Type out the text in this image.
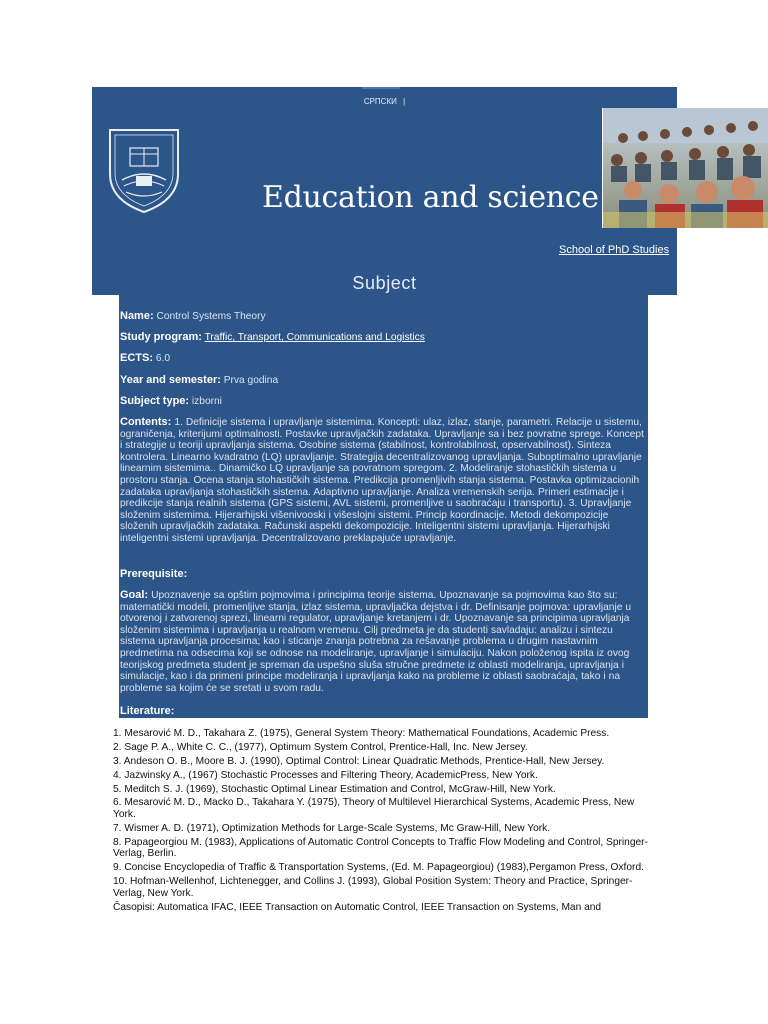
СРПСКИ |
Education and science
School of PhD Studies
Subject
Name: Control Systems Theory
Study program: Traffic, Transport, Communications and Logistics
ECTS: 6.0
Year and semester: Prva godina
Subject type: izborni
Contents: 1. Definicije sistema i upravljanje sistemima. Koncepti: ulaz, izlaz, stanje, parametri. Relacije u sistemu, ograničenja, kriterijumi optimalnosti. Postavke upravljačkih zadataka. Upravljanje sa i bez povratne sprege. Koncept i strategije u teoriji upravljanja sistema. Osobine sistema (stabilnost, kontrolabilnost, opservabilnost). Sinteza kontrolera. Linearno kvadratno (LQ) upravljanje. Strategija decentralizovanog upravljanja. Suboptimalno upravljanje linearnim sistemima.. Dinamičko LQ upravljanje sa povratnom spregom. 2. Modeliranje stohastičkih sistema u prostoru stanja. Ocena stanja stohastičkih sistema. Predikcija promenljivih stanja sistema. Postavka optimizacionih zadataka upravljanja stohastičkih sistema. Adaptivno upravljanje. Analiza vremenskih serija. Primeri estimacije i predikcije stanja realnih sistema (GPS sistemi, AVL sistemi, promenljive u saobraćaju i transportu). 3. Upravljanje složenim sistemima. Hijerarhijski višenivooski i višeslojni sistemi. Princip koordinacije. Metodi dekompozicije složenih upravljačkih zadataka. Računski aspekti dekompozicije. Inteligentni sistemi upravljanja. Hijerarhijski inteligentni sistemi upravljanja. Decentralizovano preklapajuće upravljanje.
Prerequisite:
Goal: Upoznavenje sa opštim pojmovima i principima teorije sistema. Upoznavanje sa pojmovima kao što su: matematički modeli, promenljive stanja, izlaz sistema, upravljačka dejstva i dr. Definisanje pojmova: upravljanje u otvorenoj i zatvorenoj sprezi, linearni regulator, upravljanje kretanjem i dr. Upoznavanje sa principima upravljanja složenim sistemima i upravljanja u realnom vremenu. Cilj predmeta je da studenti savladaju: analizu i sintezu sistema upravljanja procesima; kao i sticanje znanja potrebna za rešavanje problema u drugim nastavnim predmetima na odsecima koji se odnose na modeliranje, upravljanje i simulaciju. Nakon položenog ispita iz ovog teorijskog predmeta student je spreman da uspešno sluša stručne predmete iz oblasti modeliranja, upravljanja i simulacije, kao i da primeni principe modeliranja i upravljanja kako na probleme iz oblasti saobraćaja, tako i na probleme sa kojim će se sretati u svom radu.
Literature:
1. Mesarović M. D., Takahara Z. (1975), General System Theory: Mathematical Foundations, Academic Press.
2. Sage P. A., White C. C., (1977), Optimum System Control, Prentice-Hall, Inc. New Jersey.
3. Andeson O. B., Moore B. J. (1990), Optimal Control: Linear Quadratic Methods, Prentice-Hall, New Jersey.
4. Jazwinsky A., (1967) Stochastic Processes and Filtering Theory, AcademicPress, New York.
5. Meditch S. J. (1969), Stochastic Optimal Linear Estimation and Control, McGraw-Hill, New York.
6. Mesarović M. D., Macko D., Takahara Y. (1975), Theory of Multilevel Hierarchical Systems, Academic Press, New York.
7. Wismer A. D. (1971), Optimization Methods for Large-Scale Systems, Mc Graw-Hill, New York.
8. Papageorgiou M. (1983), Applications of Automatic Control Concepts to Traffic Flow Modeling and Control, Springer-Verlag, Berlin.
9. Concise Encyclopedia of Traffic & Transportation Systems, (Ed. M. Papageorgiou) (1983),Pergamon Press, Oxford.
10. Hofman-Wellenhof, Lichtenegger, and Collins J. (1993), Global Position System: Theory and Practice, Springer-Verlag, New York.
Časopisi: Automatica IFAC, IEEE Transaction on Automatic Control, IEEE Transaction on Systems, Man and
